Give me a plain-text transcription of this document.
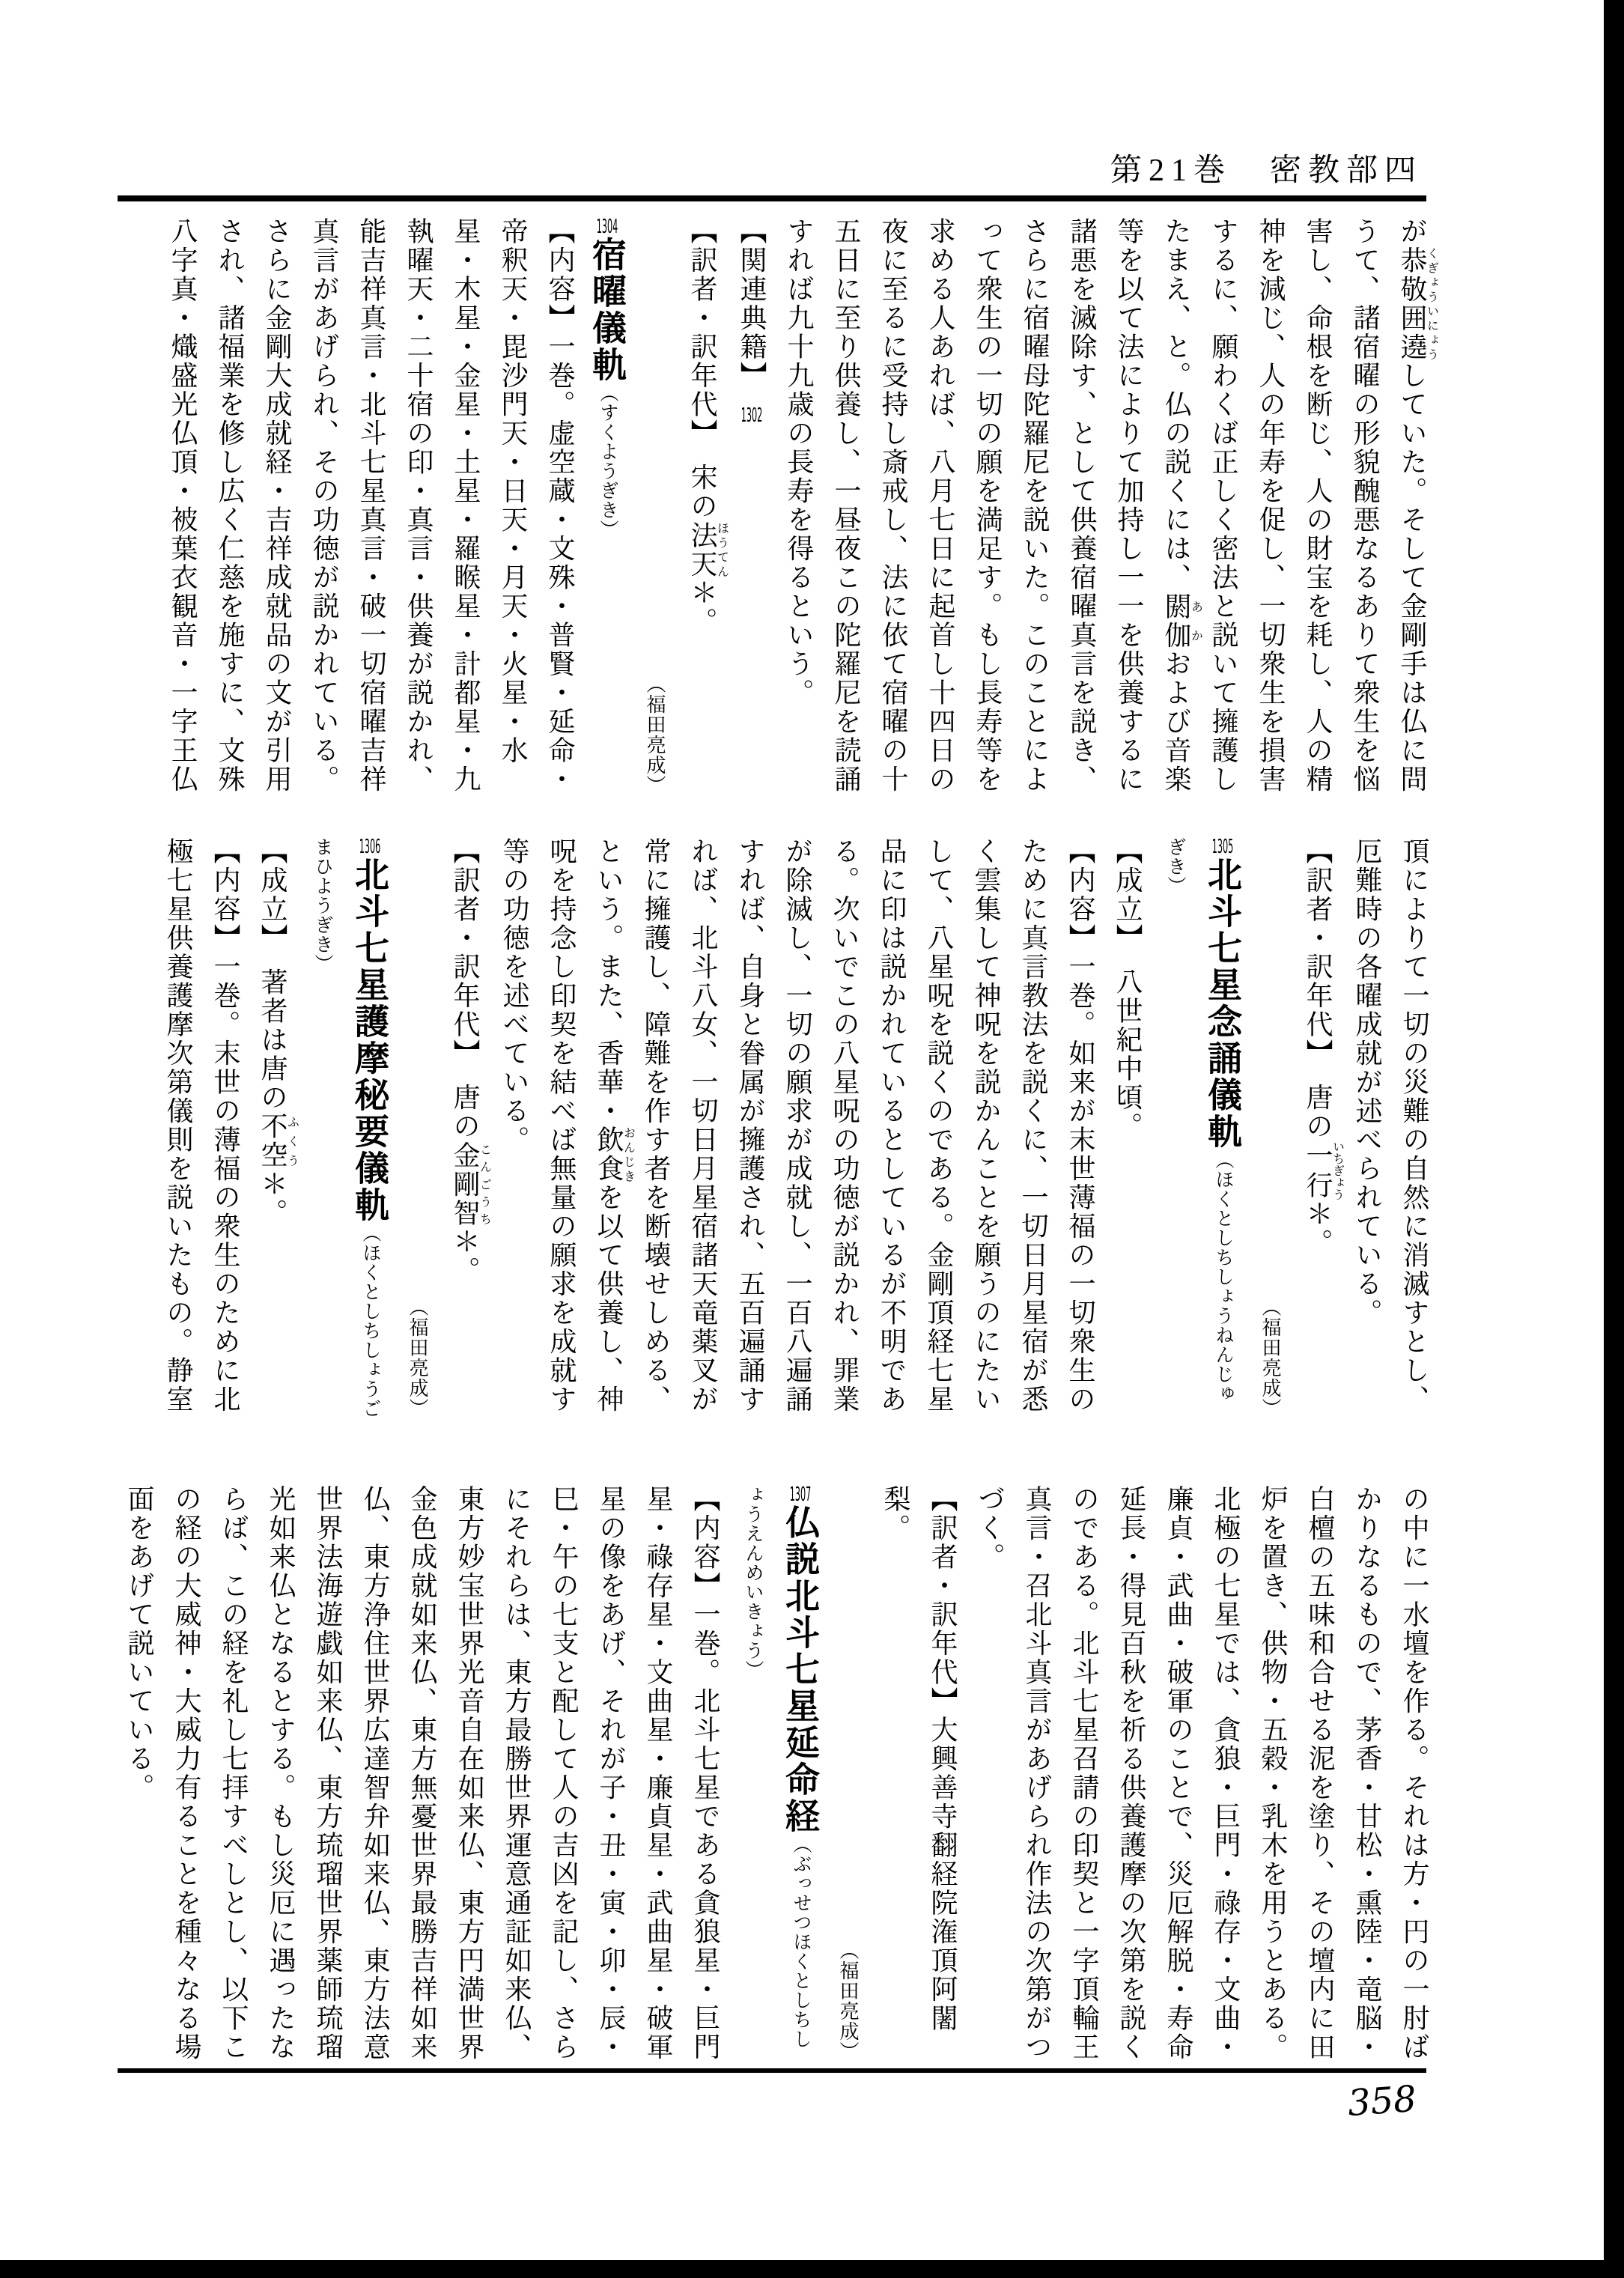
第21巻　密教部四

が恭敬囲遶くぎょういにょうしていた。そして金剛手は仏に問うて、諸宿曜の形貌醜悪なるありて衆生を悩害し、命根を断じ、人の財宝を耗し、人の精神を減じ、人の年寿を促し、一切衆生を損害するに、願わくば正しく密法と説いて擁護したまえ、と。仏の説くには、閼伽あかおよび音楽等を以て法によりて加持し一一を供養するに諸悪を滅除す、として供養宿曜真言を説き、さらに宿曜母陀羅尼を説いた。このことによって衆生の一切の願を満足す。もし長寿等を求める人あれば、八月七日に起首し十四日の夜に至るに受持し斎戒し、法に依て宿曜の十五日に至り供養し、一昼夜この陀羅尼を読誦すれば九十九歳の長寿を得るという。

【関連典籍】　1302

【訳者・訳年代】　宋の法天ほうてん＊。

（福田亮成）

1304宿曜儀軌（すくようぎき）

【内容】一巻。虚空蔵・文殊・普賢・延命・帝釈天・毘沙門天・日天・月天・火星・水星・木星・金星・土星・羅睺星・計都星・九執曜天・二十宿の印・真言・供養が説かれ、能吉祥真言・北斗七星真言・破一切宿曜吉祥真言があげられ、その功徳が説かれている。さらに金剛大成就経・吉祥成就品の文が引用され、諸福業を修し広く仁慈を施すに、文殊八字真・熾盛光仏頂・被葉衣観音・一字王仏

頂によりて一切の災難の自然に消滅すとし、厄難時の各曜成就が述べられている。

【訳者・訳年代】　唐の一行いちぎょう＊。

（福田亮成）

1305北斗七星念誦儀軌（ほくとしちしょうねんじゅぎき）

【成立】　八世紀中頃。

【内容】一巻。如来が末世薄福の一切衆生のために真言教法を説くに、一切日月星宿が悉く雲集して神呪を説かんことを願うのにたいして、八星呪を説くのである。金剛頂経七星品に印は説かれているとしているが不明である。次いでこの八星呪の功徳が説かれ、罪業が除滅し、一切の願求が成就し、一百八遍誦すれば、自身と眷属が擁護され、五百遍誦すれば、北斗八女、一切日月星宿諸天竜薬叉が常に擁護し、障難を作す者を断壊せしめる、という。また、香華・飲食おんじきを以て供養し、神呪を持念し印契を結べば無量の願求を成就す等の功徳を述べている。

【訳者・訳年代】　唐の金剛智こんごうち＊。

（福田亮成）

1306北斗七星護摩秘要儀軌（ほくとしちしょうごまひようぎき）

【成立】　著者は唐の不空ふくう＊。

【内容】一巻。末世の薄福の衆生のために北極七星供養護摩次第儀則を説いたもの。静室

の中に一水壇を作る。それは方・円の一肘ばかりなるもので、茅香・甘松・熏陸・竜脳・白檀の五味和合せる泥を塗り、その壇内に田炉を置き、供物・五穀・乳木を用うとある。北極の七星では、貪狼・巨門・祿存・文曲・廉貞・武曲・破軍のことで、災厄解脱・寿命延長・得見百秋を祈る供養護摩の次第を説くのである。北斗七星召請の印契と一字頂輪王真言・召北斗真言があげられ作法の次第がつづく。

【訳者・訳年代】大興善寺翻経院潅頂阿闍梨。

（福田亮成）

1307仏説北斗七星延命経（ぶっせつほくとしちしょうえんめいきょう）

【内容】一巻。北斗七星である貪狼星・巨門星・祿存星・文曲星・廉貞星・武曲星・破軍星の像をあげ、それが子・丑・寅・卯・辰・巳・午の七支と配して人の吉凶を記し、さらにそれらは、東方最勝世界運意通証如来仏、東方妙宝世界光音自在如来仏、東方円満世界金色成就如来仏、東方無憂世界最勝吉祥如来仏、東方浄住世界広達智弁如来仏、東方法意世界法海遊戯如来仏、東方琉瑠世界薬師琉瑠光如来仏となるとする。もし災厄に遇ったならば、この経を礼し七拝すべしとし、以下この経の大威神・大威力有ることを種々なる場面をあげて説いている。

358
